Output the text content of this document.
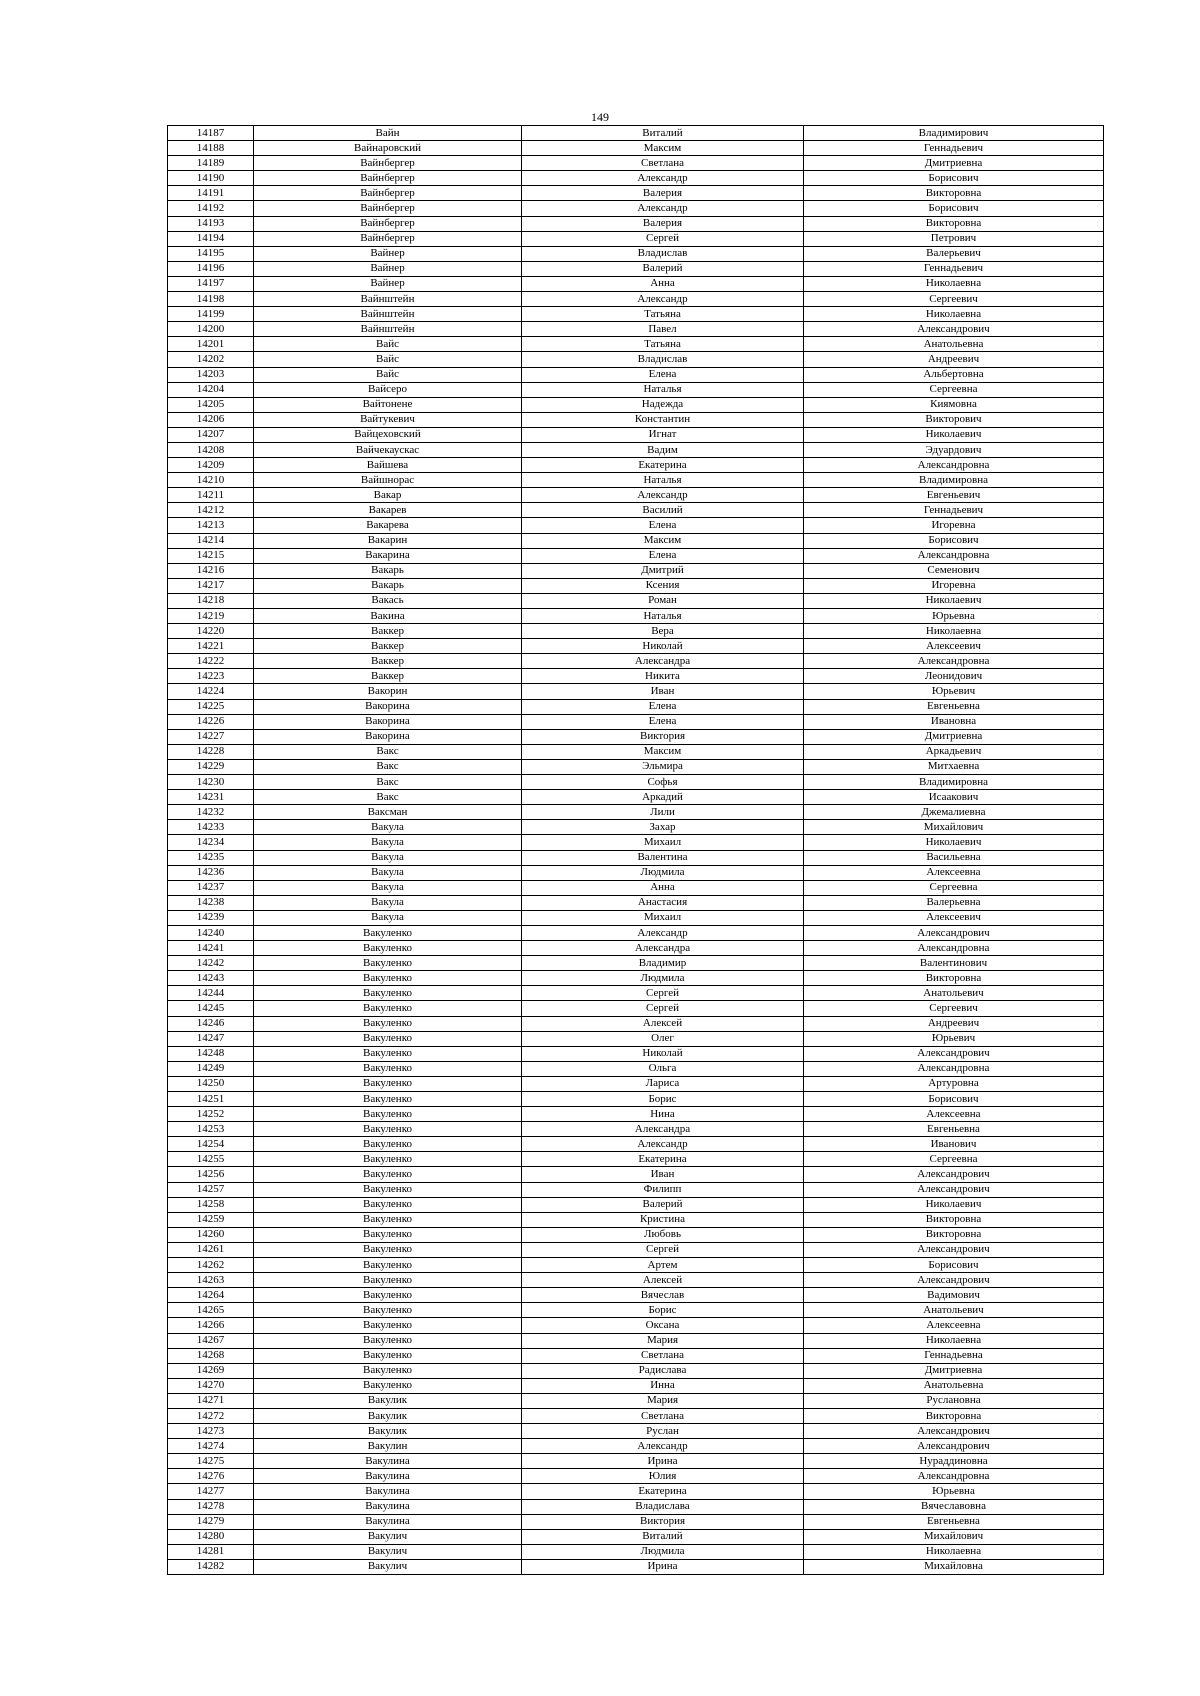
149
14187	Вайн	Виталий	Владимирович
14188	Вайнаровский	Максим	Геннадьевич
14189	Вайнбергер	Светлана	Дмитриевна
14190	Вайнбергер	Александр	Борисович
14191	Вайнбергер	Валерия	Викторовна
14192	Вайнбергер	Александр	Борисович
14193	Вайнбергер	Валерия	Викторовна
14194	Вайнбергер	Сергей	Петрович
14195	Вайнер	Владислав	Валерьевич
14196	Вайнер	Валерий	Геннадьевич
14197	Вайнер	Анна	Николаевна
14198	Вайнштейн	Александр	Сергеевич
14199	Вайнштейн	Татьяна	Николаевна
14200	Вайнштейн	Павел	Александрович
14201	Вайс	Татьяна	Анатольевна
14202	Вайс	Владислав	Андреевич
14203	Вайс	Елена	Альбертовна
14204	Вайсеро	Наталья	Сергеевна
14205	Вайтонене	Надежда	Киямовна
14206	Вайтукевич	Константин	Викторович
14207	Вайцеховский	Игнат	Николаевич
14208	Вайчекаускас	Вадим	Эдуардович
14209	Вайшева	Екатерина	Александровна
14210	Вайшнорас	Наталья	Владимировна
14211	Вакар	Александр	Евгеньевич
14212	Вакарев	Василий	Геннадьевич
14213	Вакарева	Елена	Игоревна
14214	Вакарин	Максим	Борисович
14215	Вакарина	Елена	Александровна
14216	Вакарь	Дмитрий	Семенович
14217	Вакарь	Ксения	Игоревна
14218	Вакась	Роман	Николаевич
14219	Вакина	Наталья	Юрьевна
14220	Ваккер	Вера	Николаевна
14221	Ваккер	Николай	Алексеевич
14222	Ваккер	Александра	Александровна
14223	Ваккер	Никита	Леонидович
14224	Вакорин	Иван	Юрьевич
14225	Вакорина	Елена	Евгеньевна
14226	Вакорина	Елена	Ивановна
14227	Вакорина	Виктория	Дмитриевна
14228	Вакс	Максим	Аркадьевич
14229	Вакс	Эльмира	Митхаевна
14230	Вакс	Софья	Владимировна
14231	Вакс	Аркадий	Исаакович
14232	Ваксман	Лили	Джемалиевна
14233	Вакула	Захар	Михайлович
14234	Вакула	Михаил	Николаевич
14235	Вакула	Валентина	Васильевна
14236	Вакула	Людмила	Алексеевна
14237	Вакула	Анна	Сергеевна
14238	Вакула	Анастасия	Валерьевна
14239	Вакула	Михаил	Алексеевич
14240	Вакуленко	Александр	Александрович
14241	Вакуленко	Александра	Александровна
14242	Вакуленко	Владимир	Валентинович
14243	Вакуленко	Людмила	Викторовна
14244	Вакуленко	Сергей	Анатольевич
14245	Вакуленко	Сергей	Сергеевич
14246	Вакуленко	Алексей	Андреевич
14247	Вакуленко	Олег	Юрьевич
14248	Вакуленко	Николай	Александрович
14249	Вакуленко	Ольга	Александровна
14250	Вакуленко	Лариса	Артуровна
14251	Вакуленко	Борис	Борисович
14252	Вакуленко	Нина	Алексеевна
14253	Вакуленко	Александра	Евгеньевна
14254	Вакуленко	Александр	Иванович
14255	Вакуленко	Екатерина	Сергеевна
14256	Вакуленко	Иван	Александрович
14257	Вакуленко	Филипп	Александрович
14258	Вакуленко	Валерий	Николаевич
14259	Вакуленко	Кристина	Викторовна
14260	Вакуленко	Любовь	Викторовна
14261	Вакуленко	Сергей	Александрович
14262	Вакуленко	Артем	Борисович
14263	Вакуленко	Алексей	Александрович
14264	Вакуленко	Вячеслав	Вадимович
14265	Вакуленко	Борис	Анатольевич
14266	Вакуленко	Оксана	Алексеевна
14267	Вакуленко	Мария	Николаевна
14268	Вакуленко	Светлана	Геннадьевна
14269	Вакуленко	Радислава	Дмитриевна
14270	Вакуленко	Инна	Анатольевна
14271	Вакулик	Мария	Руслановна
14272	Вакулик	Светлана	Викторовна
14273	Вакулик	Руслан	Александрович
14274	Вакулин	Александр	Александрович
14275	Вакулина	Ирина	Нураддиновна
14276	Вакулина	Юлия	Александровна
14277	Вакулина	Екатерина	Юрьевна
14278	Вакулина	Владислава	Вячеславовна
14279	Вакулина	Виктория	Евгеньевна
14280	Вакулич	Виталий	Михайлович
14281	Вакулич	Людмила	Николаевна
14282	Вакулич	Ирина	Михайловна
